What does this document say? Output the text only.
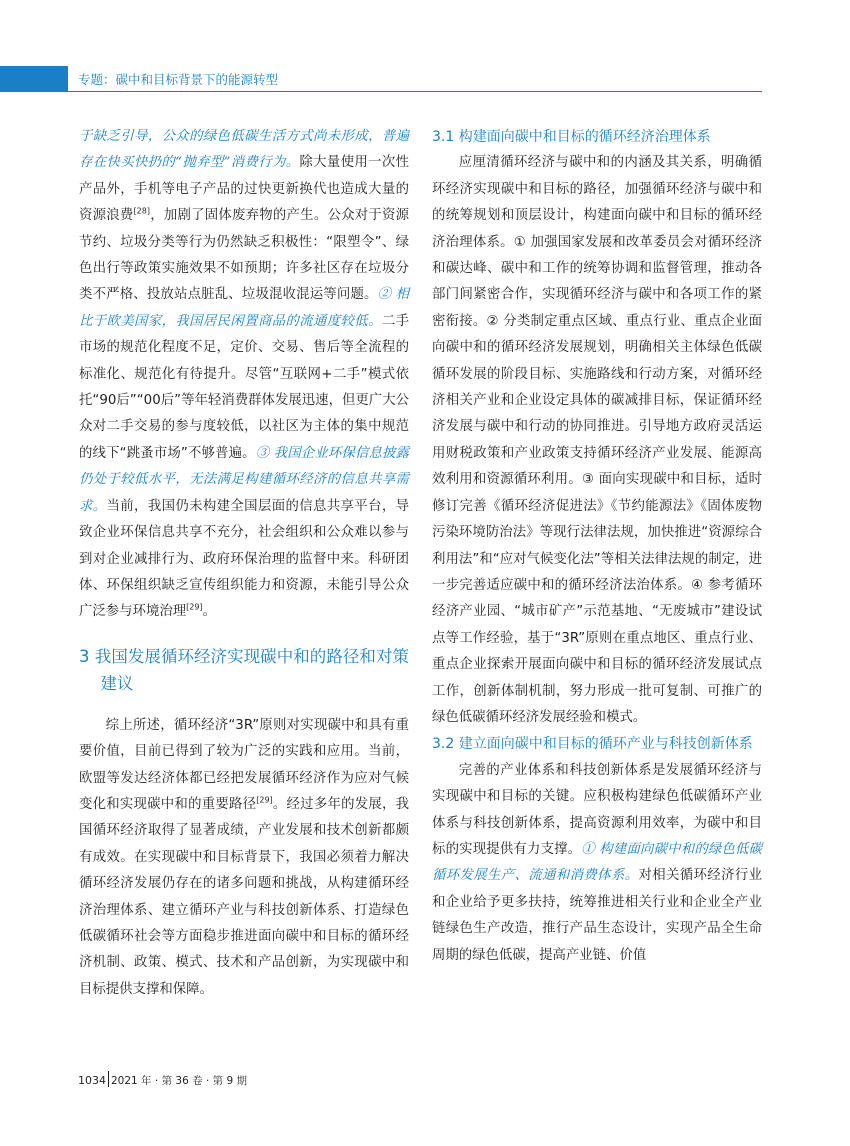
专题：碳中和目标背景下的能源转型

于缺乏引导，公众的绿色低碳生活方式尚未形成，普遍存在快买快扔的“抛弃型”消费行为。除大量使用一次性产品外，手机等电子产品的过快更新换代也造成大量的资源浪费[28]，加剧了固体废弃物的产生。公众对于资源节约、垃圾分类等行为仍然缺乏积极性：“限塑令”、绿色出行等政策实施效果不如预期；许多社区存在垃圾分类不严格、投放站点脏乱、垃圾混收混运等问题。② 相比于欧美国家，我国居民闲置商品的流通度较低。二手市场的规范化程度不足，定价、交易、售后等全流程的标准化、规范化有待提升。尽管“互联网+二手”模式依托“90后”“00后”等年轻消费群体发展迅速，但更广大公众对二手交易的参与度较低，以社区为主体的集中规范的线下“跳蚤市场”不够普遍。③ 我国企业环保信息披露仍处于较低水平，无法满足构建循环经济的信息共享需求。当前，我国仍未构建全国层面的信息共享平台，导致企业环保信息共享不充分，社会组织和公众难以参与到对企业减排行为、政府环保治理的监督中来。科研团体、环保组织缺乏宣传组织能力和资源，未能引导公众广泛参与环境治理[29]。

3 我国发展循环经济实现碳中和的路径和对策建议

综上所述，循环经济“3R”原则对实现碳中和具有重要价值，目前已得到了较为广泛的实践和应用。当前，欧盟等发达经济体都已经把发展循环经济作为应对气候变化和实现碳中和的重要路径[29]。经过多年的发展，我国循环经济取得了显著成绩，产业发展和技术创新都颇有成效。在实现碳中和目标背景下，我国必须着力解决循环经济发展仍存在的诸多问题和挑战，从构建循环经济治理体系、建立循环产业与科技创新体系、打造绿色低碳循环社会等方面稳步推进面向碳中和目标的循环经济机制、政策、模式、技术和产品创新，为实现碳中和目标提供支撑和保障。

3.1 构建面向碳中和目标的循环经济治理体系

应厘清循环经济与碳中和的内涵及其关系，明确循环经济实现碳中和目标的路径，加强循环经济与碳中和的统筹规划和顶层设计，构建面向碳中和目标的循环经济治理体系。① 加强国家发展和改革委员会对循环经济和碳达峰、碳中和工作的统筹协调和监督管理，推动各部门间紧密合作，实现循环经济与碳中和各项工作的紧密衔接。② 分类制定重点区域、重点行业、重点企业面向碳中和的循环经济发展规划，明确相关主体绿色低碳循环发展的阶段目标、实施路线和行动方案，对循环经济相关产业和企业设定具体的碳减排目标，保证循环经济发展与碳中和行动的协同推进。引导地方政府灵活运用财税政策和产业政策支持循环经济产业发展、能源高效利用和资源循环利用。③ 面向实现碳中和目标，适时修订完善《循环经济促进法》《节约能源法》《固体废物污染环境防治法》等现行法律法规，加快推进“资源综合利用法”和“应对气候变化法”等相关法律法规的制定，进一步完善适应碳中和的循环经济法治体系。④ 参考循环经济产业园、“城市矿产”示范基地、“无废城市”建设试点等工作经验，基于“3R”原则在重点地区、重点行业、重点企业探索开展面向碳中和目标的循环经济发展试点工作，创新体制机制，努力形成一批可复制、可推广的绿色低碳循环经济发展经验和模式。

3.2 建立面向碳中和目标的循环产业与科技创新体系

完善的产业体系和科技创新体系是发展循环经济与实现碳中和目标的关键。应积极构建绿色低碳循环产业体系与科技创新体系，提高资源利用效率，为碳中和目标的实现提供有力支撑。① 构建面向碳中和的绿色低碳循环发展生产、流通和消费体系。对相关循环经济行业和企业给予更多扶持，统筹推进相关行业和企业全产业链绿色生产改造，推行产品生态设计，实现产品全生命周期的绿色低碳，提高产业链、价值

1034 2021 年 · 第 36 卷 · 第 9 期
